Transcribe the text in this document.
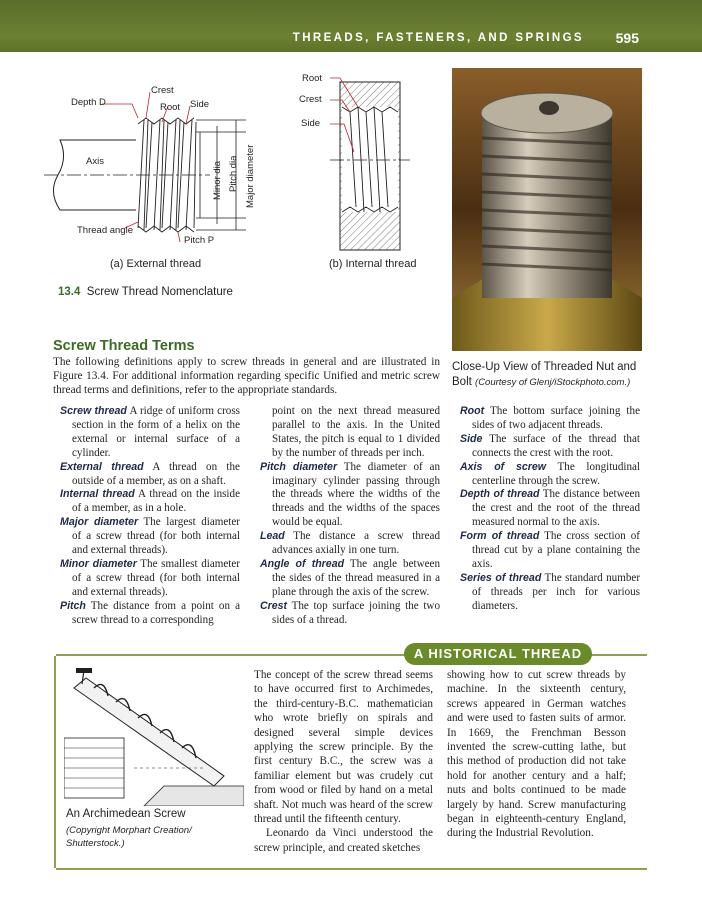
THREADS, FASTENERS, AND SPRINGS 595
Depth D
Crest
Root Side
Axis	Minor dia Pitch dia Major diameter
Thread angle
Pitch P
(a) External thread
Root
Crest
Side
(b) Internal thread
13.4 Screw Thread Nomenclature
Close-Up View of Threaded Nut and Bolt (Courtesy of Glenj/iStockphoto.com.)
Screw Thread Terms

The following definitions apply to screw threads in general and are illustrated in Figure 13.4. For additional information regarding specific Unified and metric screw thread terms and definitions, refer to the appropriate standards.

Screw thread A ridge of uniform cross section in the form of a helix on the external or internal surface of a cylinder.

External thread A thread on the outside of a member, as on a shaft.

Internal thread A thread on the inside of a member, as in a hole.

Major diameter The largest diameter of a screw thread (for both internal and external threads).

Minor diameter The smallest diameter of a screw thread (for both internal and external threads).

Pitch The distance from a point on a screw thread to a corresponding

point on the next thread measured parallel to the axis. In the United States, the pitch is equal to 1 divided by the number of threads per inch.

Pitch diameter The diameter of an imaginary cylinder passing through the threads where the widths of the threads and the widths of the spaces would be equal.

Lead The distance a screw thread advances axially in one turn.

Angle of thread The angle between the sides of the thread measured in a plane through the axis of the screw.

Crest The top surface joining the two sides of a thread.

Root The bottom surface joining the sides of two adjacent threads.

Side The surface of the thread that connects the crest with the root.

Axis of screw The longitudinal centerline through the screw.

Depth of thread The distance between the crest and the root of the thread measured normal to the axis.

Form of thread The cross section of thread cut by a plane containing the axis.

Series of thread The standard number of threads per inch for various diameters.

A HISTORICAL THREAD
An Archimedean Screw
(Copyright Morphart Creation/ Shutterstock.)
The concept of the screw thread seems to have occurred first to Archimedes, the third-century-B.C. mathematician who wrote briefly on spirals and designed several simple devices applying the screw principle. By the first century B.C., the screw was a familiar element but was crudely cut from wood or filed by hand on a metal shaft. Not much was heard of the screw thread until the fifteenth century.
Leonardo da Vinci understood the screw principle, and created sketches
showing how to cut screw threads by machine. In the sixteenth century, screws appeared in German watches and were used to fasten suits of armor. In 1669, the Frenchman Besson invented the screw-cutting lathe, but this method of production did not take hold for another century and a half; nuts and bolts continued to be made largely by hand. Screw manufacturing began in eighteenth-century England, during the Industrial Revolution.
